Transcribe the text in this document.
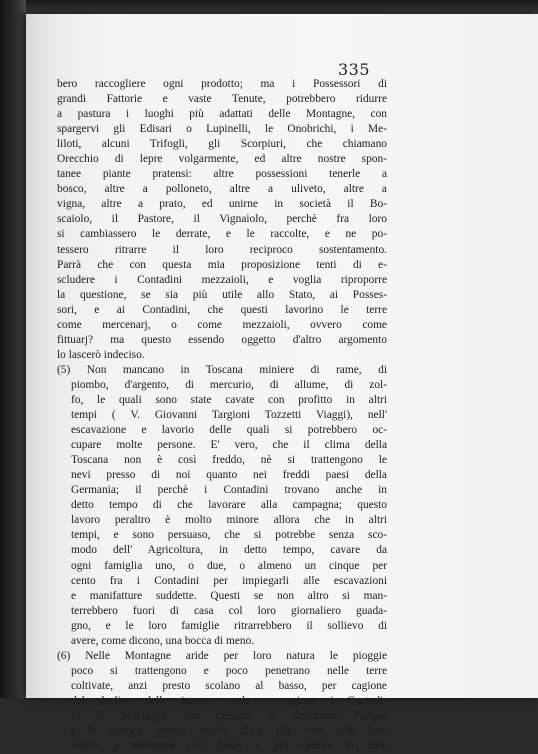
335
bero raccogliere ogni prodotto; ma i Possessori di
grandi Fattorie e vaste Tenute, potrebbero ridurre
a pastura i luoghi più adattati delle Montagne, con
spargervi gli Edisari o Lupinelli, le Onobrichi, i Me-
liloti, alcuni Trifogli, gli Scorpiuri, che chiamano
Orecchio di lepre volgarmente, ed altre nostre spon-
tanee piante pratensi: altre possessioni tenerle a
bosco, altre a polloneto, altre a uliveto, altre a
vigna, altre a prato, ed unirne in società il Bo-
scaiolo, il Pastore, il Vignaiolo, perchè fra loro
si cambiassero le derrate, e le raccolte, e ne po-
tessero ritrarre il loro reciproco sostentamento.
Parrà che con questa mia proposizione tenti di e-
scludere i Contadini mezzaioli, e voglia riproporre
la questione, se sia più utile allo Stato, ai Posses-
sori, e ai Contadini, che questi lavorino le terre
come mercenarj, o come mezzaioli, ovvero come
fittuarj? ma questo essendo oggetto d'altro argomento
lo lascerò indeciso.
(5) Non mancano in Toscana miniere di rame, di
piombo, d'argento, di mercurio, di allume, di zol-
fo, le quali sono state cavate con profitto in altri
tempi ( V. Giovanni Targioni Tozzetti Viaggi), nell'
escavazione e lavorio delle quali si potrebbero oc-
cupare molte persone. E' vero, che il clima della
Toscana non è così freddo, nè si trattengono le
nevi presso di noi quanto nei freddi paesi della
Germania; il perchè i Contadini trovano anche in
detto tempo di che lavorare alla campagna; questo
lavoro peraltro è molto minore allora che in altri
tempi, e sono persuaso, che si potrebbe senza sco-
modo dell' Agricoltura, in detto tempo, cavare da
ogni famiglia uno, o due, o almeno un cinque per
cento fra i Contadini per impiegarli alle escavazioni
e manifatture suddette. Questi se non altro si man-
terrebbero fuori di casa col loro giornaliero guada-
gno, e le loro famiglie ritrarrebbero il sollievo di
avere, come dicono, una bocca di meno.
(6) Nelle Montagne aride per loro natura le pioggie
poco si trattengono e poco penetrano nelle terre
coltivate, anzi presto scolano al basso, per cagione
del declive delle istesse: onde a ragione i Contadi-
ni di Montagna non cessano di desiderare l'acqua
e le pioggie quiete; perciò dissi, che sarà utile trat-
tenere, e minorare con l'arte, e per quanto si può,
